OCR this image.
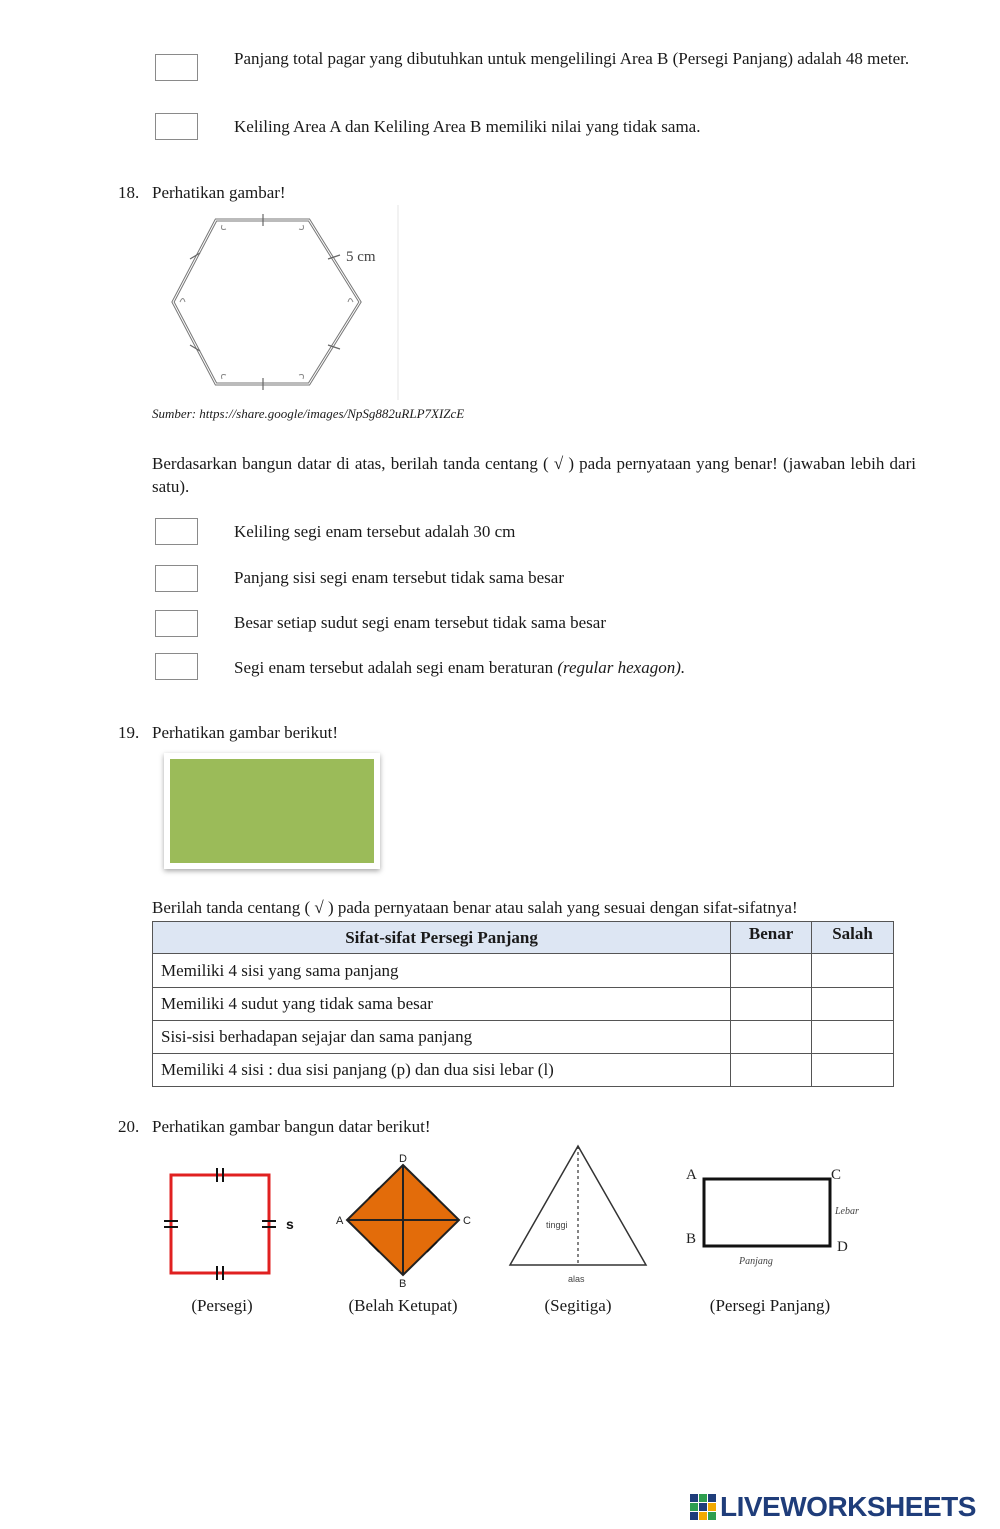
Panjang total pagar yang dibutuhkan untuk mengelilingi Area B (Persegi Panjang) adalah 48 meter.
Keliling Area A dan Keliling Area B memiliki nilai yang tidak sama.
18. Perhatikan gambar!
5 cm
Sumber: https://share.google/images/NpSg882uRLP7XIZcE
Berdasarkan bangun datar di atas, berilah tanda centang ( √ ) pada pernyataan yang benar! (jawaban lebih dari satu).
Keliling segi enam tersebut adalah 30 cm
Panjang sisi segi enam tersebut tidak sama besar
Besar setiap sudut segi enam tersebut tidak sama besar
Segi enam tersebut adalah segi enam beraturan (regular hexagon).
19. Perhatikan gambar berikut!
Berilah tanda centang ( √ ) pada pernyataan benar atau salah yang sesuai dengan sifat-sifatnya!
Sifat-sifat Persegi Panjang	Benar	Salah
Memiliki 4 sisi yang sama panjang		
Memiliki 4 sudut yang tidak sama besar		
Sisi-sisi berhadapan sejajar dan sama panjang		
Memiliki 4 sisi : dua sisi panjang (p) dan dua sisi lebar (l)		
20. Perhatikan gambar bangun datar berikut!
s
D
A	C
B
tinggi
alas
A	C
B	D
Lebar
Panjang
(Persegi)	(Belah Ketupat)	(Segitiga)	(Persegi Panjang)
LIVEWORKSHEETS
